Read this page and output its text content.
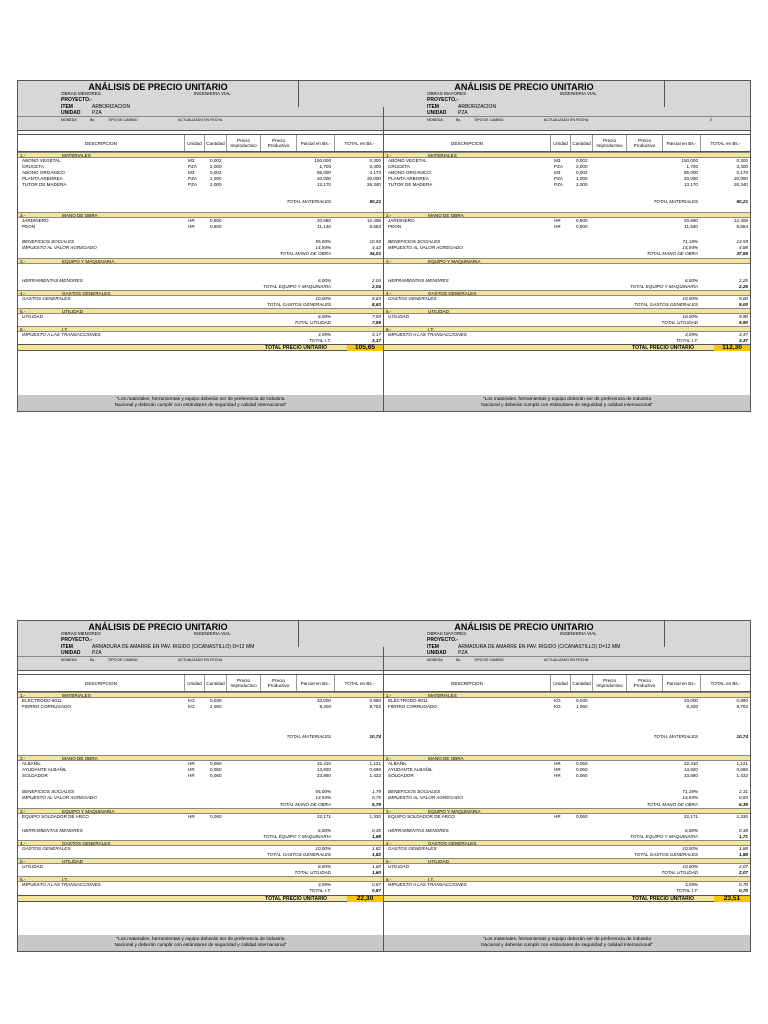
ANÁLISIS DE PRECIO UNITARIO
OBRAS MENORES	INGENIERIA VIAL
PROYECTO.-
ITEM	ARBORIZACION
UNIDAD PZA
MONEDA	Bs.	TIPO DE CAMBIO	ACTUALIZADO EN FECHA
DESCRIPCION	Unidad Cantidad	Precio Improductivo
Precio Productivo	Parcial en Bs.-	TOTAL en Bs.-
1.-	MATERIALES
ABONO VEGETAL	M3	0,002	150,000	0,300
CRUCETA	PZA	2,000	1,700	3,400
ABONO ORGANICO	M3	0,002	85,000	0,170
PLANTA ARBOREA	PZA	1,000	20,000	20,000
TUTOR DE MADERA	PZA	2,000	13,170	26,340
TOTAL MATERIALES	50,21
2.-	MANO DE OBRA
JARDINERO	HR	0,600	20,680	12,408
PEON	HR	0,600	11,140	6,684
BENEFICIOS SOCIALES	55,00%	10,50
IMPUESTO AL VALOR AGREGADO	14,94%	4,42
TOTAL MANO DE OBRA	34,01
3.-	EQUIPO Y MAQUINARIA
HERRAMIENTAS MENORES	6,00%	2,04
TOTAL EQUIPO Y MAQUINARIA	2,04
4.-	GASTOS GENERALES
GASTOS GENERALES	10,00%	8,63
TOTAL GASTOS GENERALES	8,63
5.-	UTILIDAD
UTILIDAD	8,00%	7,59
TOTAL UTILIDAD	7,59
6.-	I.T.
IMPUESTO A LAS TRANSACCIONES	3,09%	3,17
TOTAL I.T.	3,17
TOTAL PRECIO UNITARIO	105,65
"Los materiales, herramientas y equipo deberán ser de preferencia de industria
Nacional y deberán cumplir con estándares de seguridad y calidad internacional"
ANÁLISIS DE PRECIO UNITARIO
OBRAS MAYORES	INGENIERIA VIAL
PROYECTO.-
ITEM	ARBORIZACION
UNIDAD PZA
MONEDA	Bs.	TIPO DE CAMBIO	ACTUALIZADO EN FECHA	0
DESCRIPCION	Unidad Cantidad	Precio Improductivo
Precio Productivo	Parcial en Bs.-	TOTAL en Bs.-
1.-	MATERIALES
ABONO VEGETAL	M3	0,002	150,000	0,300
CRUCETA	PZA	2,000	1,700	3,400
ABONO ORGANICO	M3	0,002	85,000	0,170
PLANTA ARBOREA	PZA	1,000	20,000	20,000
TUTOR DE MADERA	PZA	2,000	13,170	26,340
TOTAL MATERIALES	50,21
2.-	MANO DE OBRA
JARDINERO	HR	0,600	20,680	12,408
PEON	HR	0,600	11,540	6,684
BENEFICIOS SOCIALES	71,18%	13,59
IMPUESTO AL VALOR AGREGADO	14,94%	4,88
TOTAL MANO DE OBRA	37,56
3.-	EQUIPO Y MAQUINARIA
HERRAMIENTAS MENORES	6,00%	2,25
TOTAL EQUIPO Y MAQUINARIA	2,25
4.-	GASTOS GENERALES
GASTOS GENERALES	10,00%	9,00
TOTAL GASTOS GENERALES	9,00
5.-	UTILIDAD
UTILIDAD	10,00%	9,90
TOTAL UTILIDAD	9,90
6.-	I.T.
IMPUESTO A LAS TRANSACCIONES	3,09%	3,37
TOTAL I.T.	3,37
TOTAL PRECIO UNITARIO	112,30
"Los materiales, herramientas y equipo deberán ser de preferencia de industria
Nacional y deberán cumplir con estándares de seguridad y calidad internacional"
ANÁLISIS DE PRECIO UNITARIO
OBRAS MENORES	INGENIERIA VIAL
PROYECTO.-
ITEM	ARMADURA DE AMARRE EN PAV. RIGIDO (C/CANASTILLO) D=12 MM
UNIDAD PZA
MONEDA	Bs.	TIPO DE CAMBIO	ACTUALIZADO EN FECHA
DESCRIPCION	Unidad Cantidad	Precio Improductivo
Precio Productivo	Parcial en Bs.-	TOTAL en Bs.-
1.-	MATERIALES
ELECTRODO 6011	KG	0,030	33,000	0,990
FIERRO CORRUGADO	KG	1,060	9,200	9,752
TOTAL MATERIALES	10,74
2.-	MANO DE OBRA
ALBAÑIL	HR	0,050	22,410	1,121
AYUDANTE ALBAÑIL	HR	0,050	13,920	0,696
SOLDADOR	HR	0,060	23,860	1,432
BENEFICIOS SOCIALES	55,00%	1,79
IMPUESTO AL VALOR AGREGADO	14,94%	0,75
TOTAL MANO DE OBRA	5,79
3.-	EQUIPO Y MAQUINARIA
EQUIPO SOLDADOR DE ARCO	HR	0,060	22,171	1,330
HERRAMIENTAS MENORES	6,00%	0,35
TOTAL EQUIPO Y MAQUINARIA	1,68
4.-	GASTOS GENERALES
GASTOS GENERALES	10,00%	1,82
TOTAL GASTOS GENERALES	1,82
5.-	UTILIDAD
UTILIDAD	8,00%	1,60
TOTAL UTILIDAD	1,60
6.-	I.T.
IMPUESTO A LAS TRANSACCIONES	3,09%	0,67
TOTAL I.T.	0,67
TOTAL PRECIO UNITARIO	22,30
"Los materiales, herramientas y equipo deberán ser de preferencia de industria
Nacional y deberán cumplir con estándares de seguridad y calidad internacional"
ANÁLISIS DE PRECIO UNITARIO
OBRAS MAYORES	INGENIERIA VIAL
PROYECTO.-
ITEM	ARMADURA DE AMARRE EN PAV. RIGIDO (C/CANASTILLO) D=12 MM
UNIDAD PZA
MONEDA	Bs.	TIPO DE CAMBIO	ACTUALIZADO EN FECHA
DESCRIPCION	Unidad Cantidad	Precio Improductivo
Precio Productivo	Parcial en Bs.-	TOTAL en Bs.-
1.-	MATERIALES
ELECTRODO 6011	KG	0,030	33,000	0,990
FIERRO CORRUGADO	KG	1,060	9,200	9,752
TOTAL MATERIALES	10,74
2.-	MANO DE OBRA
ALBAÑIL	HR	0,050	22,410	1,121
AYUDANTE ALBAÑIL	HR	0,050	13,920	0,696
SOLDADOR	HR	0,060	23,860	1,432
BENEFICIOS SOCIALES	71,18%	2,31
IMPUESTO AL VALOR AGREGADO	14,94%	0,83
TOTAL MANO DE OBRA	6,39
3.-	EQUIPO Y MAQUINARIA
EQUIPO SOLDADOR DE ARCO	HR	0,060	22,171	1,330
HERRAMIENTAS MENORES	6,00%	0,38
TOTAL EQUIPO Y MAQUINARIA	1,71
4.-	GASTOS GENERALES
GASTOS GENERALES	10,00%	1,88
TOTAL GASTOS GENERALES	1,88
5.-	UTILIDAD
UTILIDAD	10,00%	2,07
TOTAL UTILIDAD	2,07
6.-	I.T.
IMPUESTO A LAS TRANSACCIONES	3,09%	0,70
TOTAL I.T.	0,70
TOTAL PRECIO UNITARIO	23,51
"Los materiales, herramientas y equipo deberán ser de preferencia de industria
Nacional y deberán cumplir con estándares de seguridad y calidad internacional"
